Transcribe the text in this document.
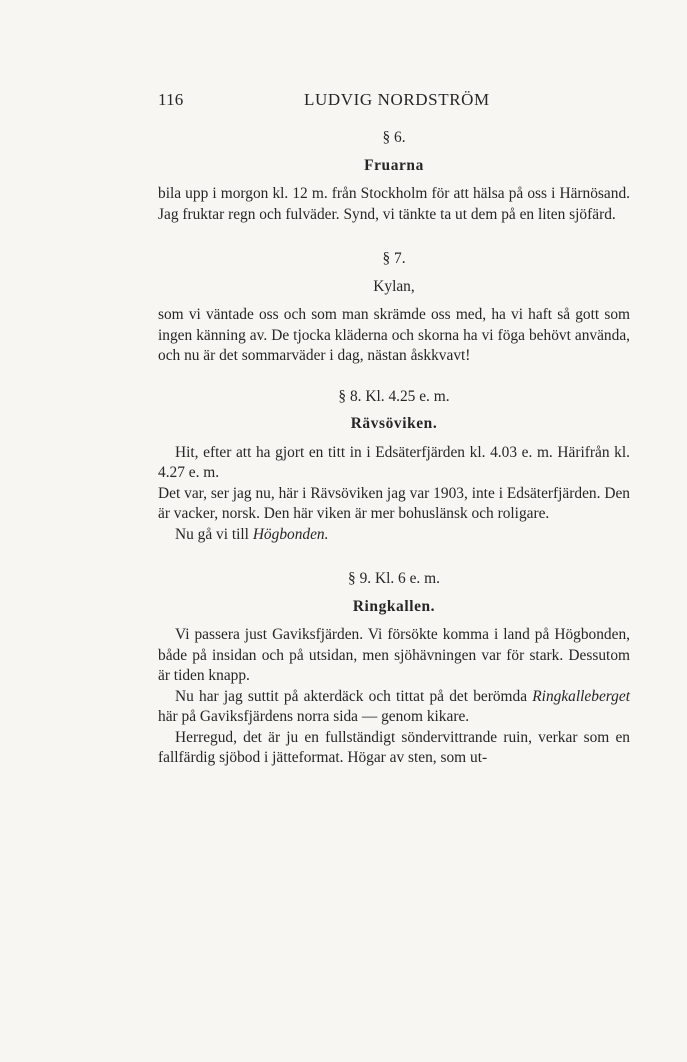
116	LUDVIG NORDSTRÖM

§ 6.

Fruarna

bila upp i morgon kl. 12 m. från Stockholm för att hälsa på oss i Härnösand. Jag fruktar regn och fulväder. Synd, vi tänkte ta ut dem på en liten sjöfärd.

§ 7.

Kylan,

som vi väntade oss och som man skrämde oss med, ha vi haft så gott som ingen känning av. De tjocka kläderna och skorna ha vi föga behövt använda, och nu är det sommarväder i dag, nästan åskkvavt!

§ 8. Kl. 4.25 e. m.

Rävsöviken.

Hit, efter att ha gjort en titt in i Edsäterfjärden kl. 4.03 e. m. Härifrån kl. 4.27 e. m.

Det var, ser jag nu, här i Rävsöviken jag var 1903, inte i Edsäterfjärden. Den är vacker, norsk. Den här viken är mer bohuslänsk och roligare.

Nu gå vi till Högbonden.

§ 9. Kl. 6 e. m.

Ringkallen.

Vi passera just Gaviksfjärden. Vi försökte komma i land på Högbonden, både på insidan och på utsidan, men sjöhävningen var för stark. Dessutom är tiden knapp.

Nu har jag suttit på akterdäck och tittat på det berömda Ringkalleberget här på Gaviksfjärdens norra sida — genom kikare.

Herregud, det är ju en fullständigt söndervittrande ruin, verkar som en fallfärdig sjöbod i jätteformat. Högar av sten, som ut-
